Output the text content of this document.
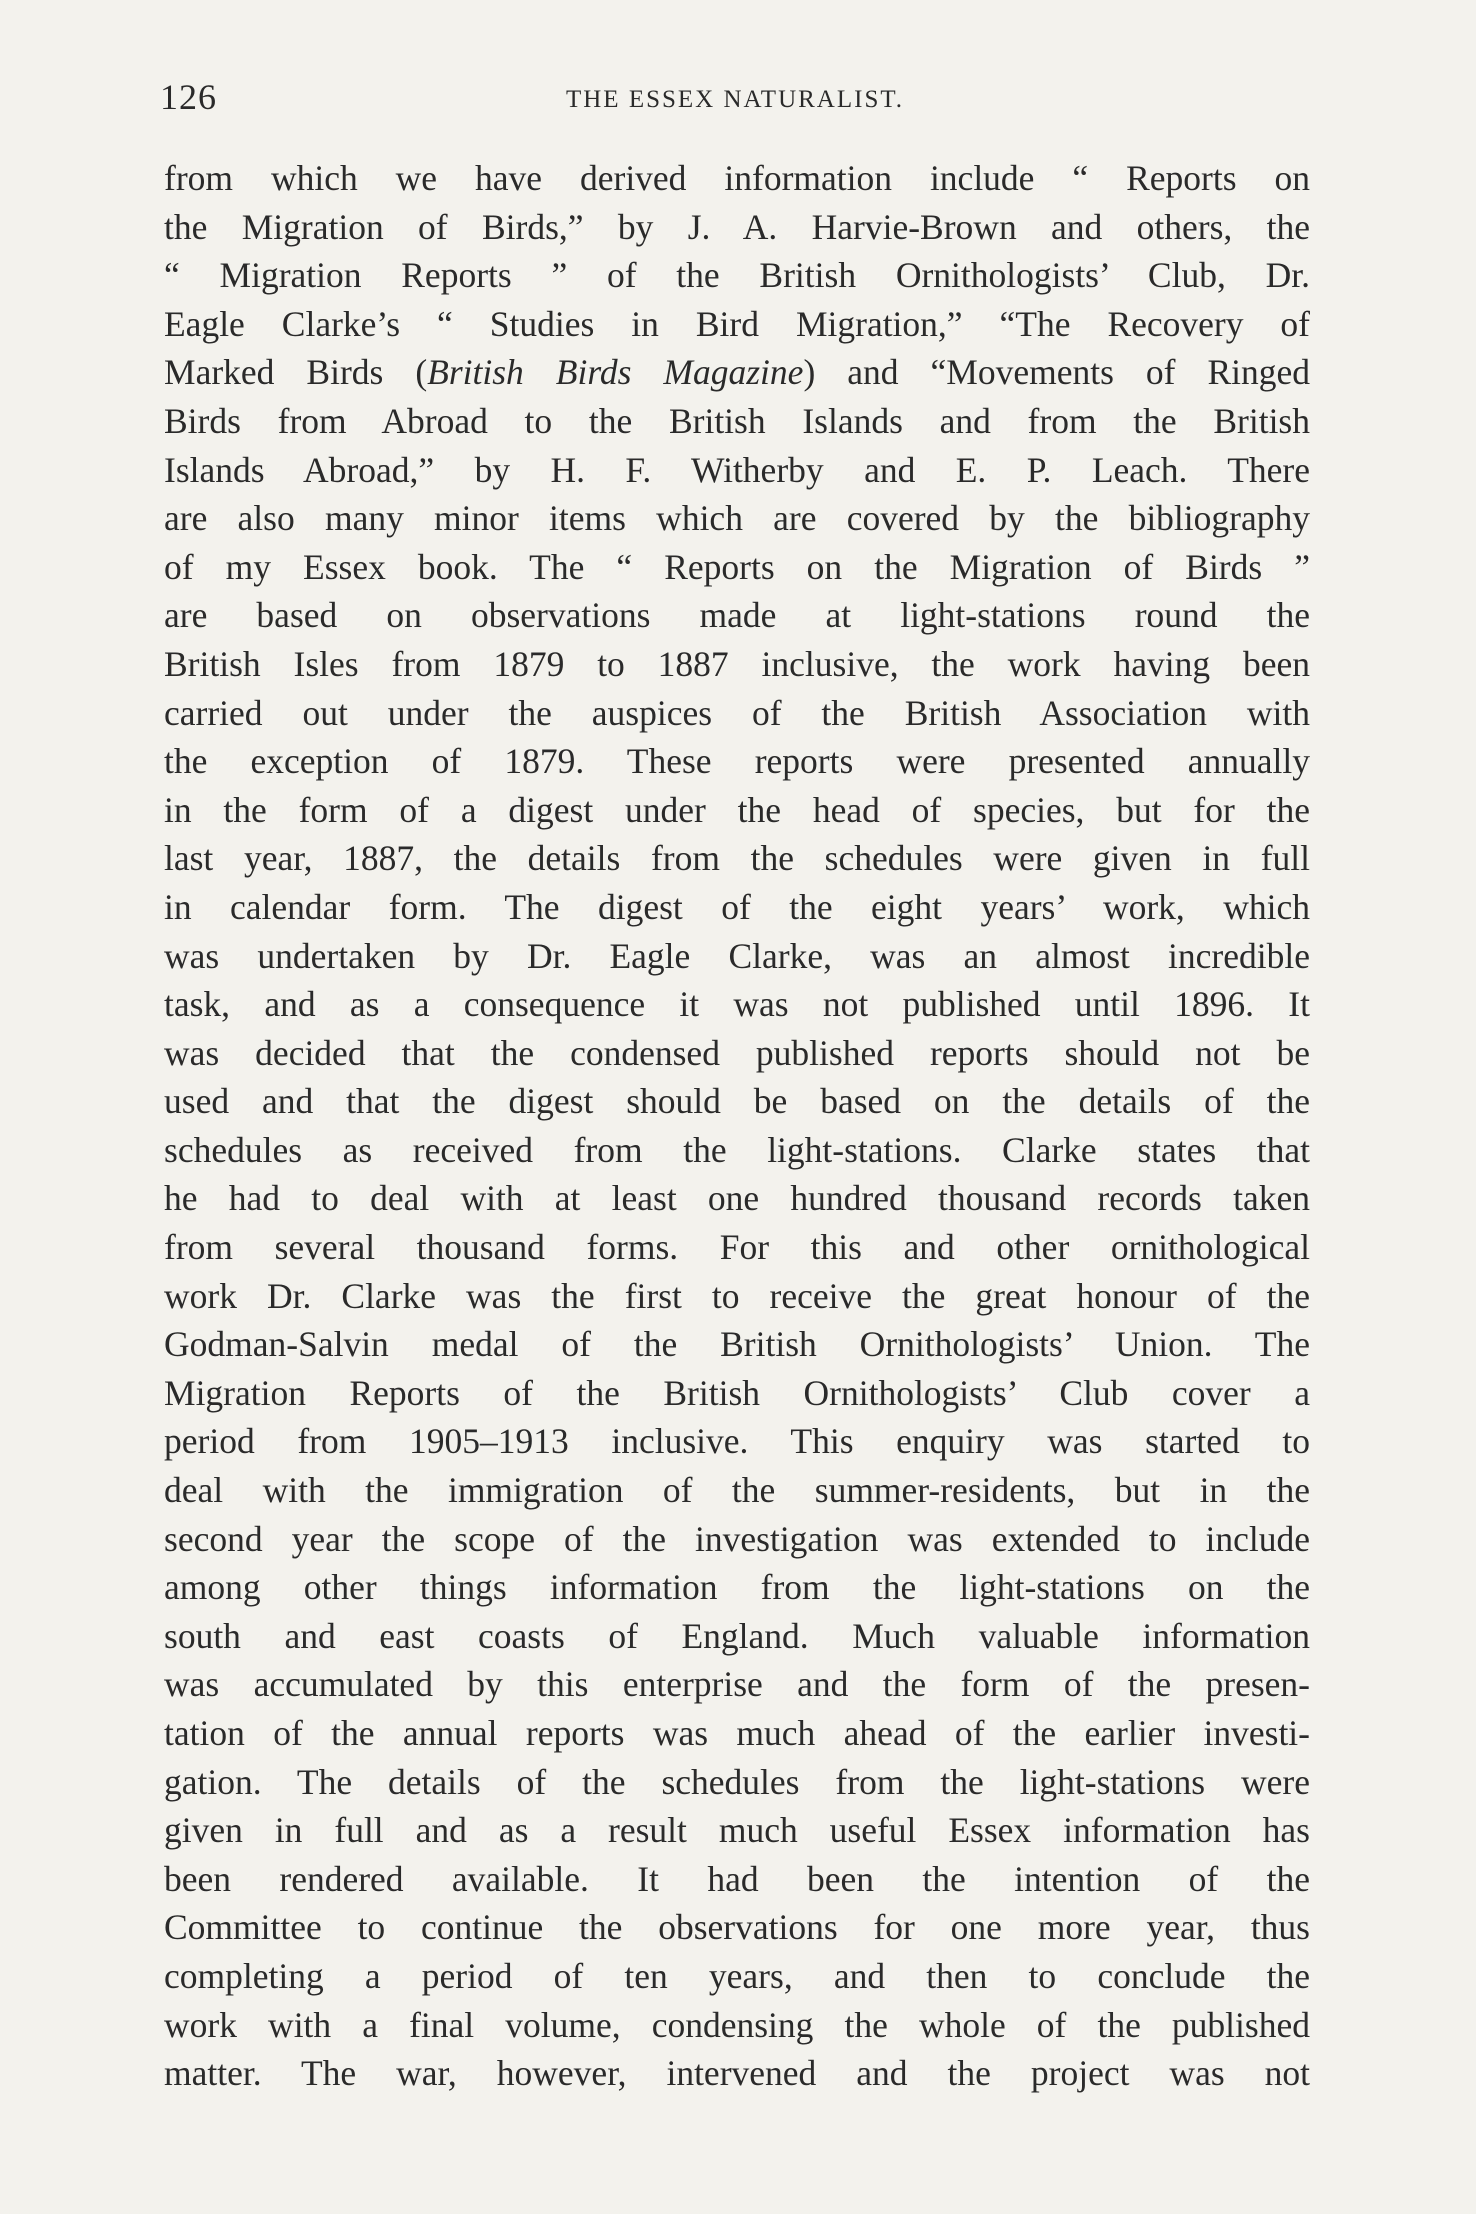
126	THE ESSEX NATURALIST.
from which we have derived information include “ Reports on
the Migration of Birds,” by J. A. Harvie-Brown and others, the
“ Migration Reports ” of the British Ornithologists’ Club, Dr.
Eagle Clarke’s “ Studies in Bird Migration,” “The Recovery of
Marked Birds (British Birds Magazine) and “Movements of Ringed
Birds from Abroad to the British Islands and from the British
Islands Abroad,” by H. F. Witherby and E. P. Leach. There
are also many minor items which are covered by the bibliography
of my Essex book. The “ Reports on the Migration of Birds ”
are based on observations made at light-stations round the
British Isles from 1879 to 1887 inclusive, the work having been
carried out under the auspices of the British Association with
the exception of 1879. These reports were presented annually
in the form of a digest under the head of species, but for the
last year, 1887, the details from the schedules were given in full
in calendar form. The digest of the eight years’ work, which
was undertaken by Dr. Eagle Clarke, was an almost incredible
task, and as a consequence it was not published until 1896. It
was decided that the condensed published reports should not be
used and that the digest should be based on the details of the
schedules as received from the light-stations. Clarke states that
he had to deal with at least one hundred thousand records taken
from several thousand forms. For this and other ornithological
work Dr. Clarke was the first to receive the great honour of the
Godman-Salvin medal of the British Ornithologists’ Union. The
Migration Reports of the British Ornithologists’ Club cover a
period from 1905–1913 inclusive. This enquiry was started to
deal with the immigration of the summer-residents, but in the
second year the scope of the investigation was extended to include
among other things information from the light-stations on the
south and east coasts of England. Much valuable information
was accumulated by this enterprise and the form of the presen-
tation of the annual reports was much ahead of the earlier investi-
gation. The details of the schedules from the light-stations were
given in full and as a result much useful Essex information has
been rendered available. It had been the intention of the
Committee to continue the observations for one more year, thus
completing a period of ten years, and then to conclude the
work with a final volume, condensing the whole of the published
matter. The war, however, intervened and the project was not
